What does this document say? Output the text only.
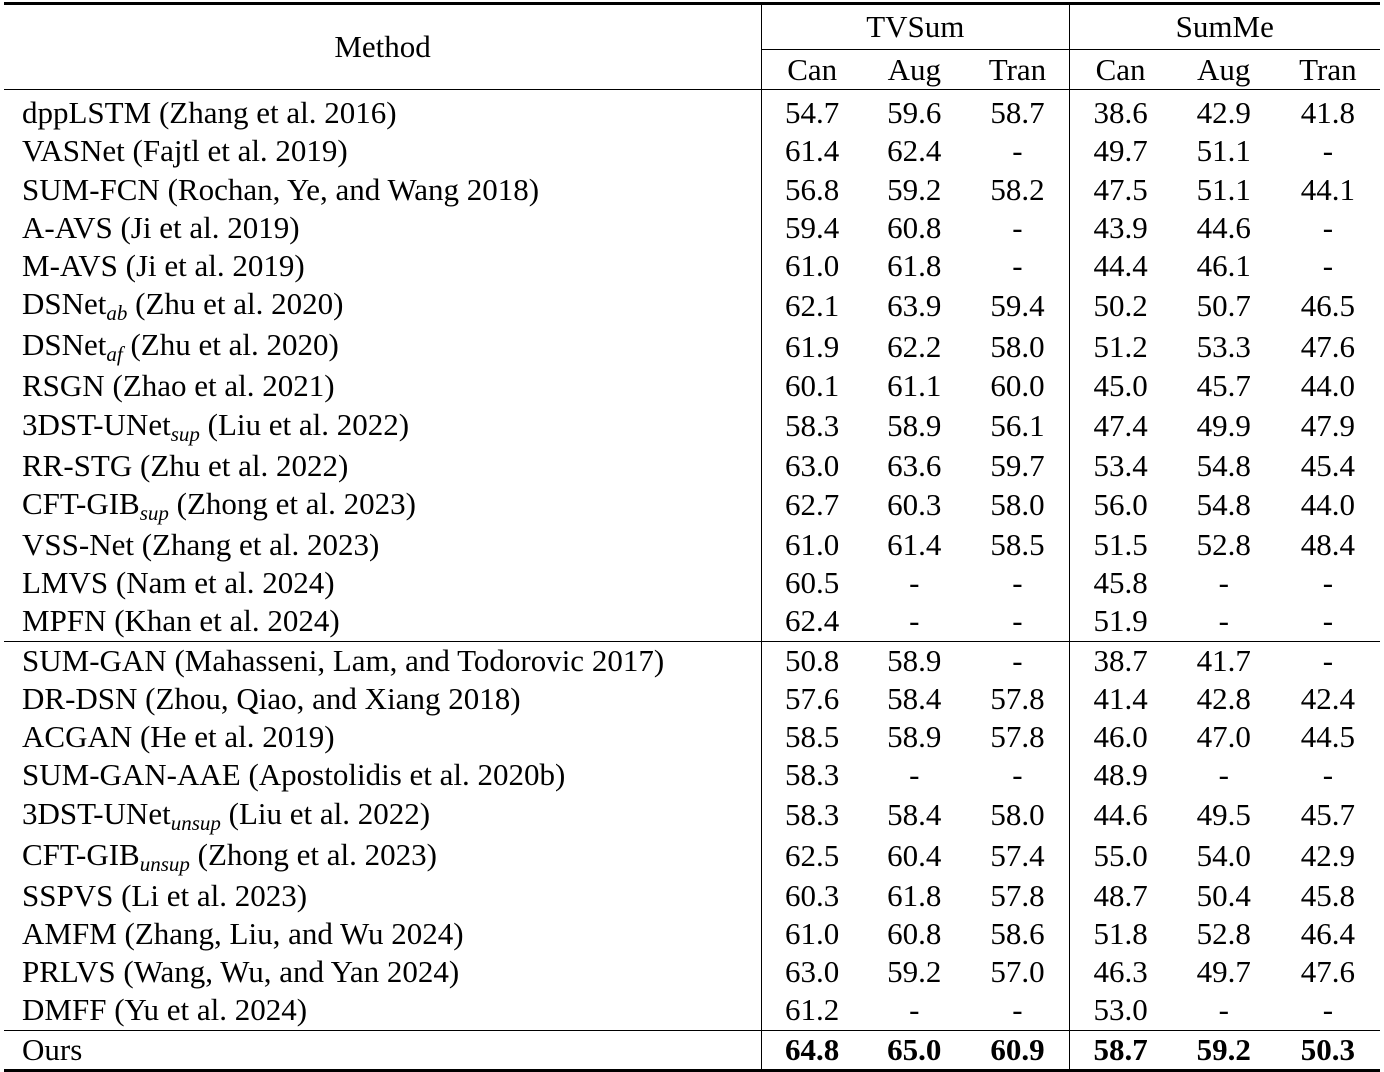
Method	TVSum			SumMe		
	Can	Aug	Tran	Can	Aug	Tran
dppLSTM (Zhang et al. 2016)	54.7	59.6	58.7	38.6	42.9	41.8
VASNet (Fajtl et al. 2019)	61.4	62.4	-	49.7	51.1	-
SUM-FCN (Rochan, Ye, and Wang 2018)	56.8	59.2	58.2	47.5	51.1	44.1
A-AVS (Ji et al. 2019)	59.4	60.8	-	43.9	44.6	-
M-AVS (Ji et al. 2019)	61.0	61.8	-	44.4	46.1	-
DSNetab (Zhu et al. 2020)	62.1	63.9	59.4	50.2	50.7	46.5
DSNetaf (Zhu et al. 2020)	61.9	62.2	58.0	51.2	53.3	47.6
RSGN (Zhao et al. 2021)	60.1	61.1	60.0	45.0	45.7	44.0
3DST-UNetsup (Liu et al. 2022)	58.3	58.9	56.1	47.4	49.9	47.9
RR-STG (Zhu et al. 2022)	63.0	63.6	59.7	53.4	54.8	45.4
CFT-GIBsup (Zhong et al. 2023)	62.7	60.3	58.0	56.0	54.8	44.0
VSS-Net (Zhang et al. 2023)	61.0	61.4	58.5	51.5	52.8	48.4
LMVS (Nam et al. 2024)	60.5	-	-	45.8	-	-
MPFN (Khan et al. 2024)	62.4	-	-	51.9	-	-
SUM-GAN (Mahasseni, Lam, and Todorovic 2017)	50.8	58.9	-	38.7	41.7	-
DR-DSN (Zhou, Qiao, and Xiang 2018)	57.6	58.4	57.8	41.4	42.8	42.4
ACGAN (He et al. 2019)	58.5	58.9	57.8	46.0	47.0	44.5
SUM-GAN-AAE (Apostolidis et al. 2020b)	58.3	-	-	48.9	-	-
3DST-UNetunsup (Liu et al. 2022)	58.3	58.4	58.0	44.6	49.5	45.7
CFT-GIBunsup (Zhong et al. 2023)	62.5	60.4	57.4	55.0	54.0	42.9
SSPVS (Li et al. 2023)	60.3	61.8	57.8	48.7	50.4	45.8
AMFM (Zhang, Liu, and Wu 2024)	61.0	60.8	58.6	51.8	52.8	46.4
PRLVS (Wang, Wu, and Yan 2024)	63.0	59.2	57.0	46.3	49.7	47.6
DMFF (Yu et al. 2024)	61.2	-	-	53.0	-	-
Ours	64.8	65.0	60.9	58.7	59.2	50.3
